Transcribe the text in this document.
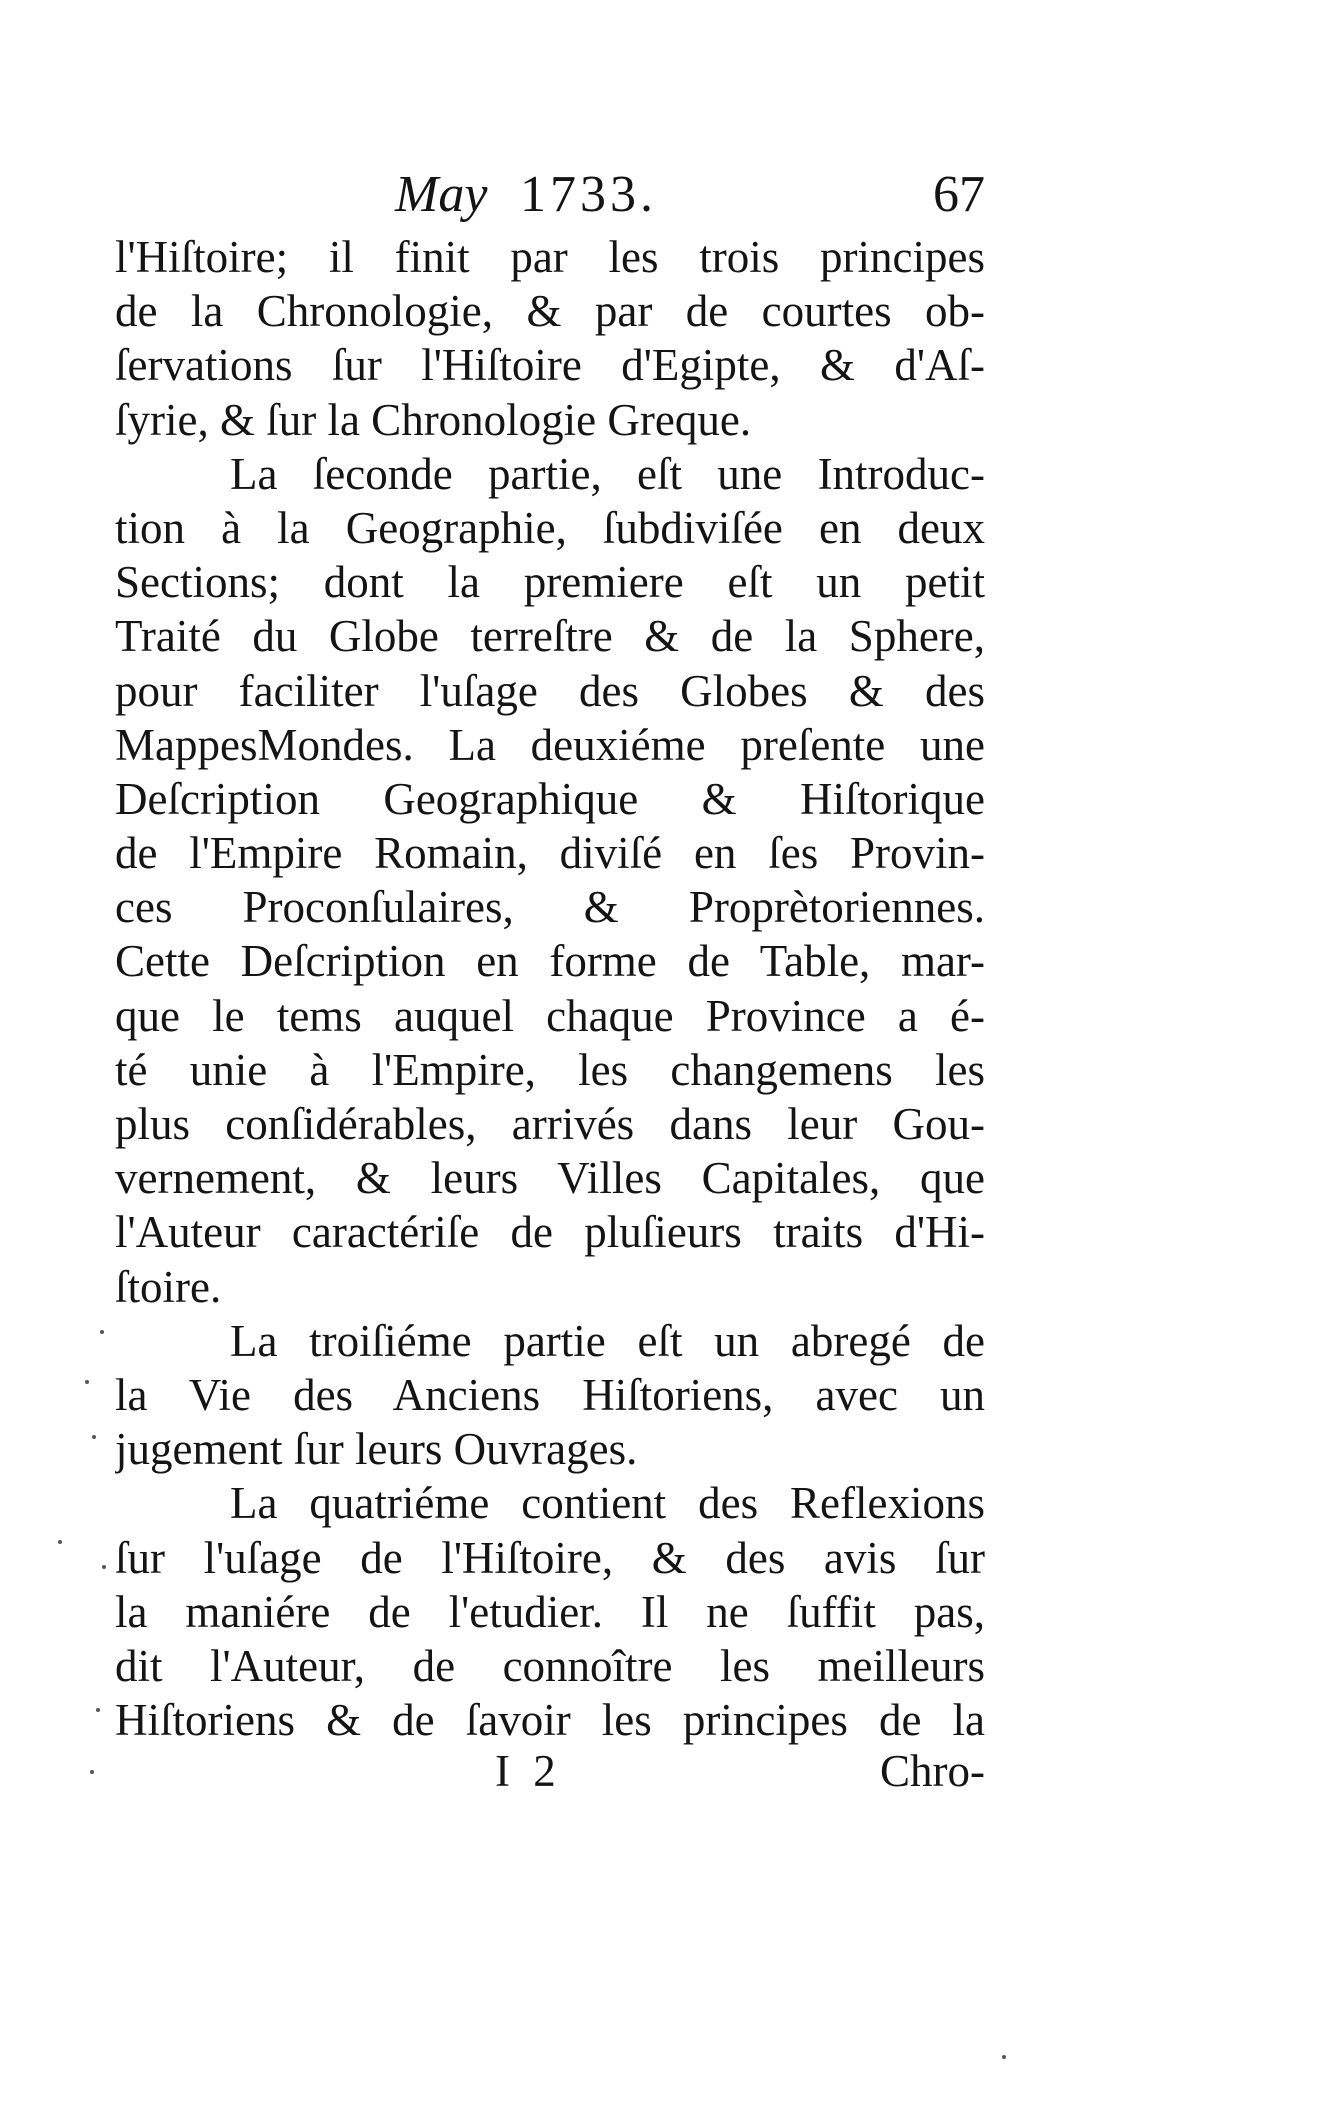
May 1733.	67
l'Hiſtoire; il finit par les trois principes
de la Chronologie, & par de courtes ob-
ſervations ſur l'Hiſtoire d'Egipte, & d'Aſ-
ſyrie, & ſur la Chronologie Greque.
La ſeconde partie, eſt une Introduc-
tion à la Geographie, ſubdiviſée en deux
Sections; dont la premiere eſt un petit
Traité du Globe terreſtre & de la Sphere,
pour faciliter l'uſage des Globes & des
MappesMondes. La deuxiéme preſente une
Deſcription Geographique & Hiſtorique
de l'Empire Romain, diviſé en ſes Provin-
ces Proconſulaires, & Proprètoriennes.
Cette Deſcription en forme de Table, mar-
que le tems auquel chaque Province a é-
té unie à l'Empire, les changemens les
plus conſidérables, arrivés dans leur Gou-
vernement, & leurs Villes Capitales, que
l'Auteur caractériſe de pluſieurs traits d'Hi-
ſtoire.
La troiſiéme partie eſt un abregé de
la Vie des Anciens Hiſtoriens, avec un
jugement ſur leurs Ouvrages.
La quatriéme contient des Reflexions
ſur l'uſage de l'Hiſtoire, & des avis ſur
la maniére de l'etudier. Il ne ſuffit pas,
dit l'Auteur, de connoître les meilleurs
Hiſtoriens & de ſavoir les principes de la
I 2	Chro-
